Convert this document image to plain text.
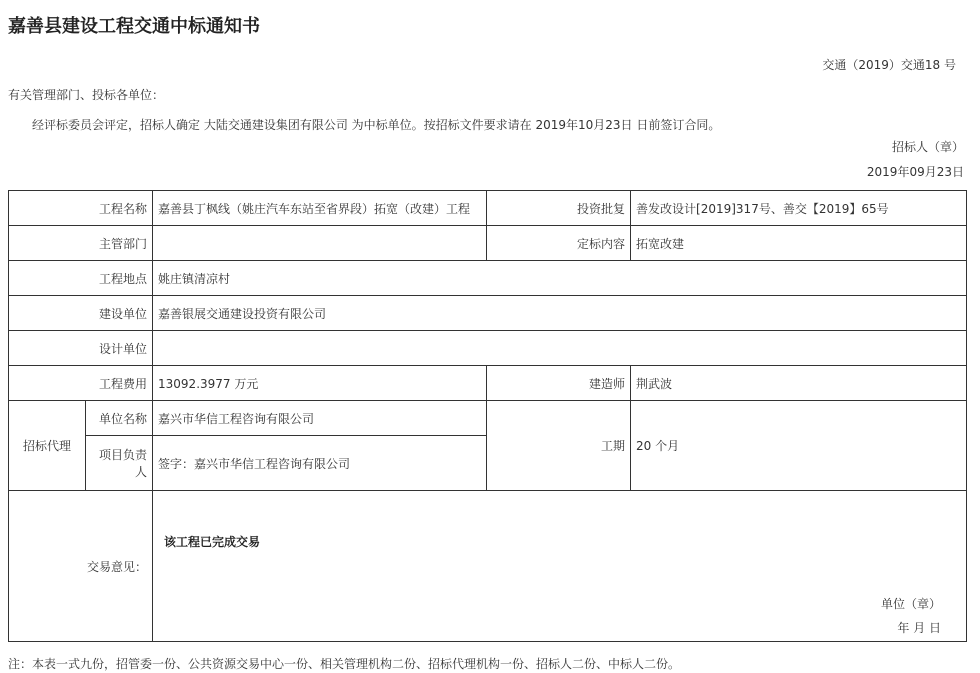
嘉善县建设工程交通中标通知书
交通（2019）交通18 号
有关管理部门、投标各单位：
经评标委员会评定，招标人确定 大陆交通建设集团有限公司 为中标单位。按招标文件要求请在 2019年10月23日 日前签订合同。
招标人（章）
2019年09月23日
工程名称		嘉善县丁枫线（姚庄汽车东站至省界段）拓宽（改建）工程	投资批复	善发改设计[2019]317号、善交【2019】65号
主管部门			定标内容	拓宽改建
工程地点		姚庄镇清凉村		
建设单位		嘉善银展交通建设投资有限公司		
设计单位				
工程费用		13092.3977 万元	建造师	荆武波
招标代理	单位名称	嘉兴市华信工程咨询有限公司	工期	20 个月
	项目负责人	签字：嘉兴市华信工程咨询有限公司		
交易意见：		该工程已完成交易
单位（章）
年 月 日		
注：本表一式九份，招管委一份、公共资源交易中心一份、相关管理机构二份、招标代理机构一份、招标人二份、中标人二份。
